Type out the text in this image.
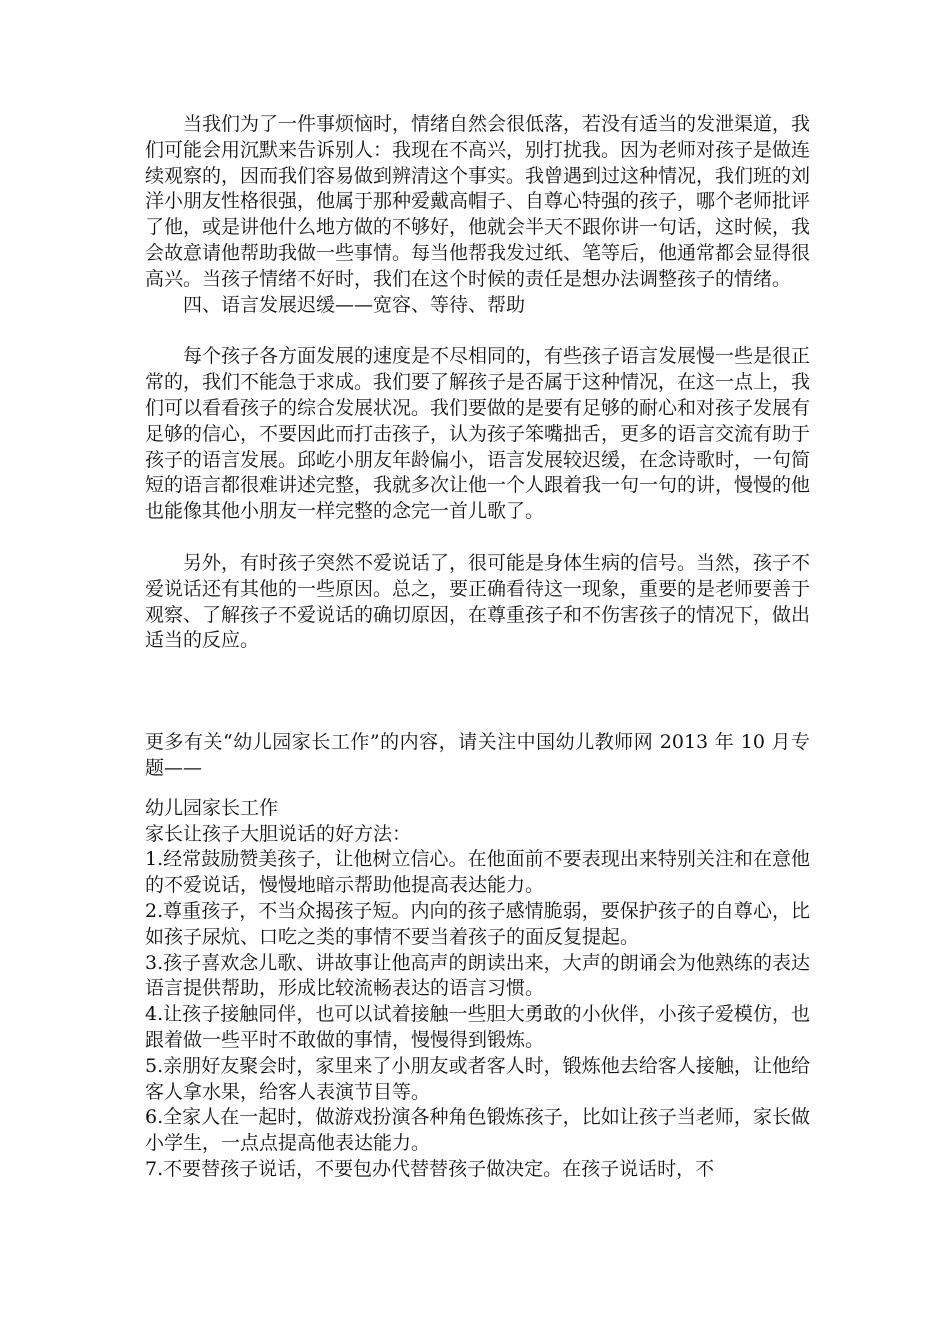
当我们为了一件事烦恼时，情绪自然会很低落，若没有适当的发泄渠道，我们可能会用沉默来告诉别人：我现在不高兴，别打扰我。因为老师对孩子是做连续观察的，因而我们容易做到辨清这个事实。我曾遇到过这种情况，我们班的刘洋小朋友性格很强，他属于那种爱戴高帽子、自尊心特强的孩子，哪个老师批评了他，或是讲他什么地方做的不够好，他就会半天不跟你讲一句话，这时候，我会故意请他帮助我做一些事情。每当他帮我发过纸、笔等后，他通常都会显得很高兴。当孩子情绪不好时，我们在这个时候的责任是想办法调整孩子的情绪。

四、语言发展迟缓——宽容、等待、帮助

每个孩子各方面发展的速度是不尽相同的，有些孩子语言发展慢一些是很正常的，我们不能急于求成。我们要了解孩子是否属于这种情况，在这一点上，我们可以看看孩子的综合发展状况。我们要做的是要有足够的耐心和对孩子发展有足够的信心，不要因此而打击孩子，认为孩子笨嘴拙舌，更多的语言交流有助于孩子的语言发展。邱屹小朋友年龄偏小，语言发展较迟缓，在念诗歌时，一句简短的语言都很难讲述完整，我就多次让他一个人跟着我一句一句的讲，慢慢的他也能像其他小朋友一样完整的念完一首儿歌了。

另外，有时孩子突然不爱说话了，很可能是身体生病的信号。当然，孩子不爱说话还有其他的一些原因。总之，要正确看待这一现象，重要的是老师要善于观察、了解孩子不爱说话的确切原因，在尊重孩子和不伤害孩子的情况下，做出适当的反应。

更多有关“幼儿园家长工作”的内容，请关注中国幼儿教师网 2013 年 10 月专题——

幼儿园家长工作

家长让孩子大胆说话的好方法：

1.经常鼓励赞美孩子，让他树立信心。在他面前不要表现出来特别关注和在意他的不爱说话，慢慢地暗示帮助他提高表达能力。
2.尊重孩子，不当众揭孩子短。内向的孩子感情脆弱，要保护孩子的自尊心，比如孩子尿炕、口吃之类的事情不要当着孩子的面反复提起。
3.孩子喜欢念儿歌、讲故事让他高声的朗读出来，大声的朗诵会为他熟练的表达语言提供帮助，形成比较流畅表达的语言习惯。
4.让孩子接触同伴，也可以试着接触一些胆大勇敢的小伙伴，小孩子爱模仿，也跟着做一些平时不敢做的事情，慢慢得到锻炼。
5.亲朋好友聚会时，家里来了小朋友或者客人时，锻炼他去给客人接触，让他给客人拿水果，给客人表演节目等。
6.全家人在一起时，做游戏扮演各种角色锻炼孩子，比如让孩子当老师，家长做小学生，一点点提高他表达能力。
7.不要替孩子说话，不要包办代替替孩子做决定。在孩子说话时，不
